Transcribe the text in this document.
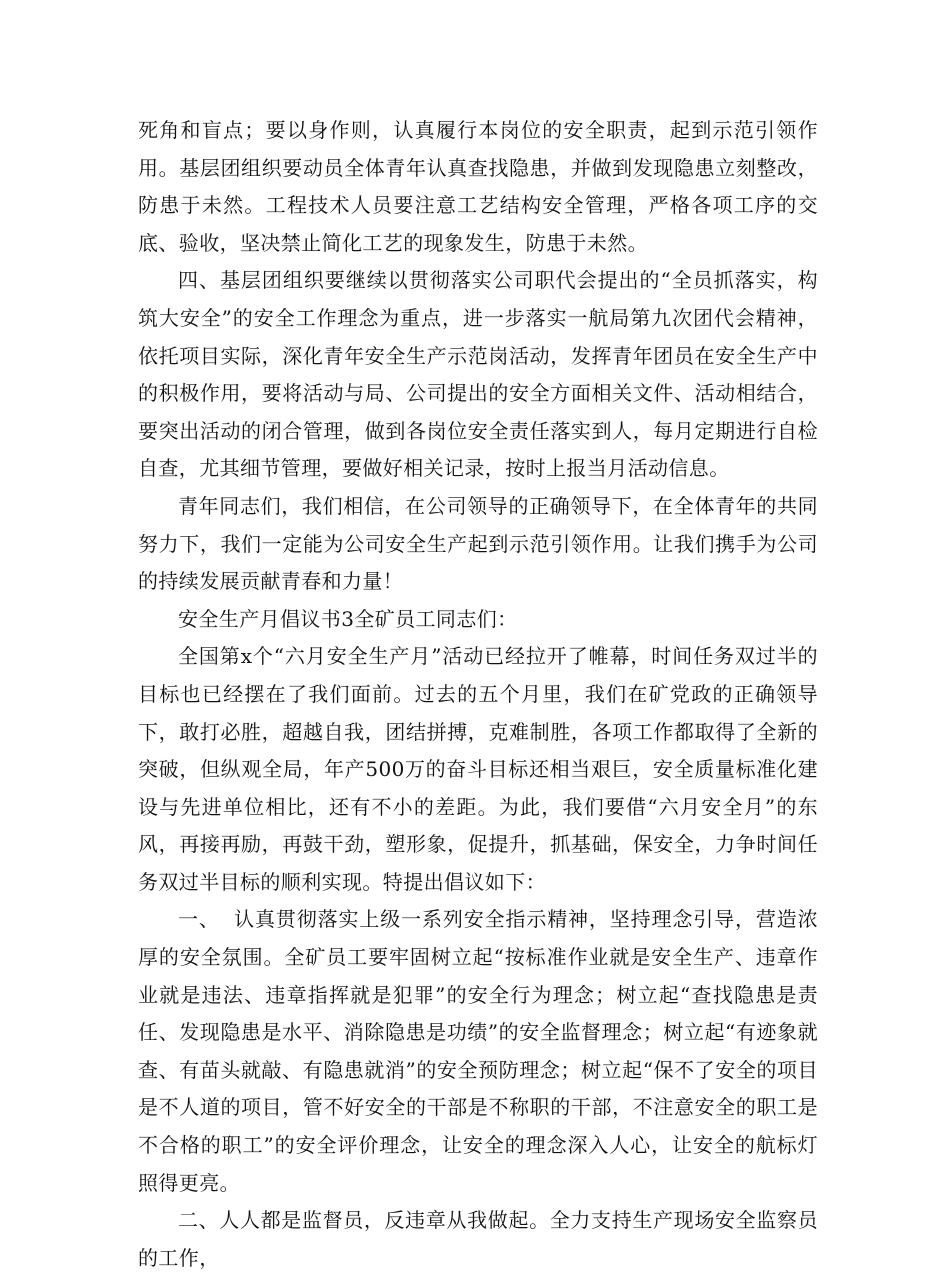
死角和盲点；要以身作则，认真履行本岗位的安全职责，起到示范引领作用。基层团组织要动员全体青年认真查找隐患，并做到发现隐患立刻整改，防患于未然。工程技术人员要注意工艺结构安全管理，严格各项工序的交底、验收，坚决禁止简化工艺的现象发生，防患于未然。

四、基层团组织要继续以贯彻落实公司职代会提出的“全员抓落实，构筑大安全”的安全工作理念为重点，进一步落实一航局第九次团代会精神，依托项目实际，深化青年安全生产示范岗活动，发挥青年团员在安全生产中的积极作用，要将活动与局、公司提出的安全方面相关文件、活动相结合，要突出活动的闭合管理，做到各岗位安全责任落实到人，每月定期进行自检自查，尤其细节管理，要做好相关记录，按时上报当月活动信息。

青年同志们，我们相信，在公司领导的正确领导下，在全体青年的共同努力下，我们一定能为公司安全生产起到示范引领作用。让我们携手为公司的持续发展贡献青春和力量！

安全生产月倡议书3全矿员工同志们：

全国第x个“六月安全生产月”活动已经拉开了帷幕，时间任务双过半的目标也已经摆在了我们面前。过去的五个月里，我们在矿党政的正确领导下，敢打必胜，超越自我，团结拼搏，克难制胜，各项工作都取得了全新的突破，但纵观全局，年产500万的奋斗目标还相当艰巨，安全质量标准化建设与先进单位相比，还有不小的差距。为此，我们要借“六月安全月”的东风，再接再励，再鼓干劲，塑形象，促提升，抓基础，保安全，力争时间任务双过半目标的顺利实现。特提出倡议如下：

一、  认真贯彻落实上级一系列安全指示精神，坚持理念引导，营造浓厚的安全氛围。全矿员工要牢固树立起“按标准作业就是安全生产、违章作业就是违法、违章指挥就是犯罪”的安全行为理念；树立起“查找隐患是责任、发现隐患是水平、消除隐患是功绩”的安全监督理念；树立起“有迹象就查、有苗头就敲、有隐患就消”的安全预防理念；树立起“保不了安全的项目是不人道的项目，管不好安全的干部是不称职的干部，不注意安全的职工是不合格的职工”的安全评价理念，让安全的理念深入人心，让安全的航标灯照得更亮。

二、人人都是监督员，反违章从我做起。全力支持生产现场安全监察员的工作，
